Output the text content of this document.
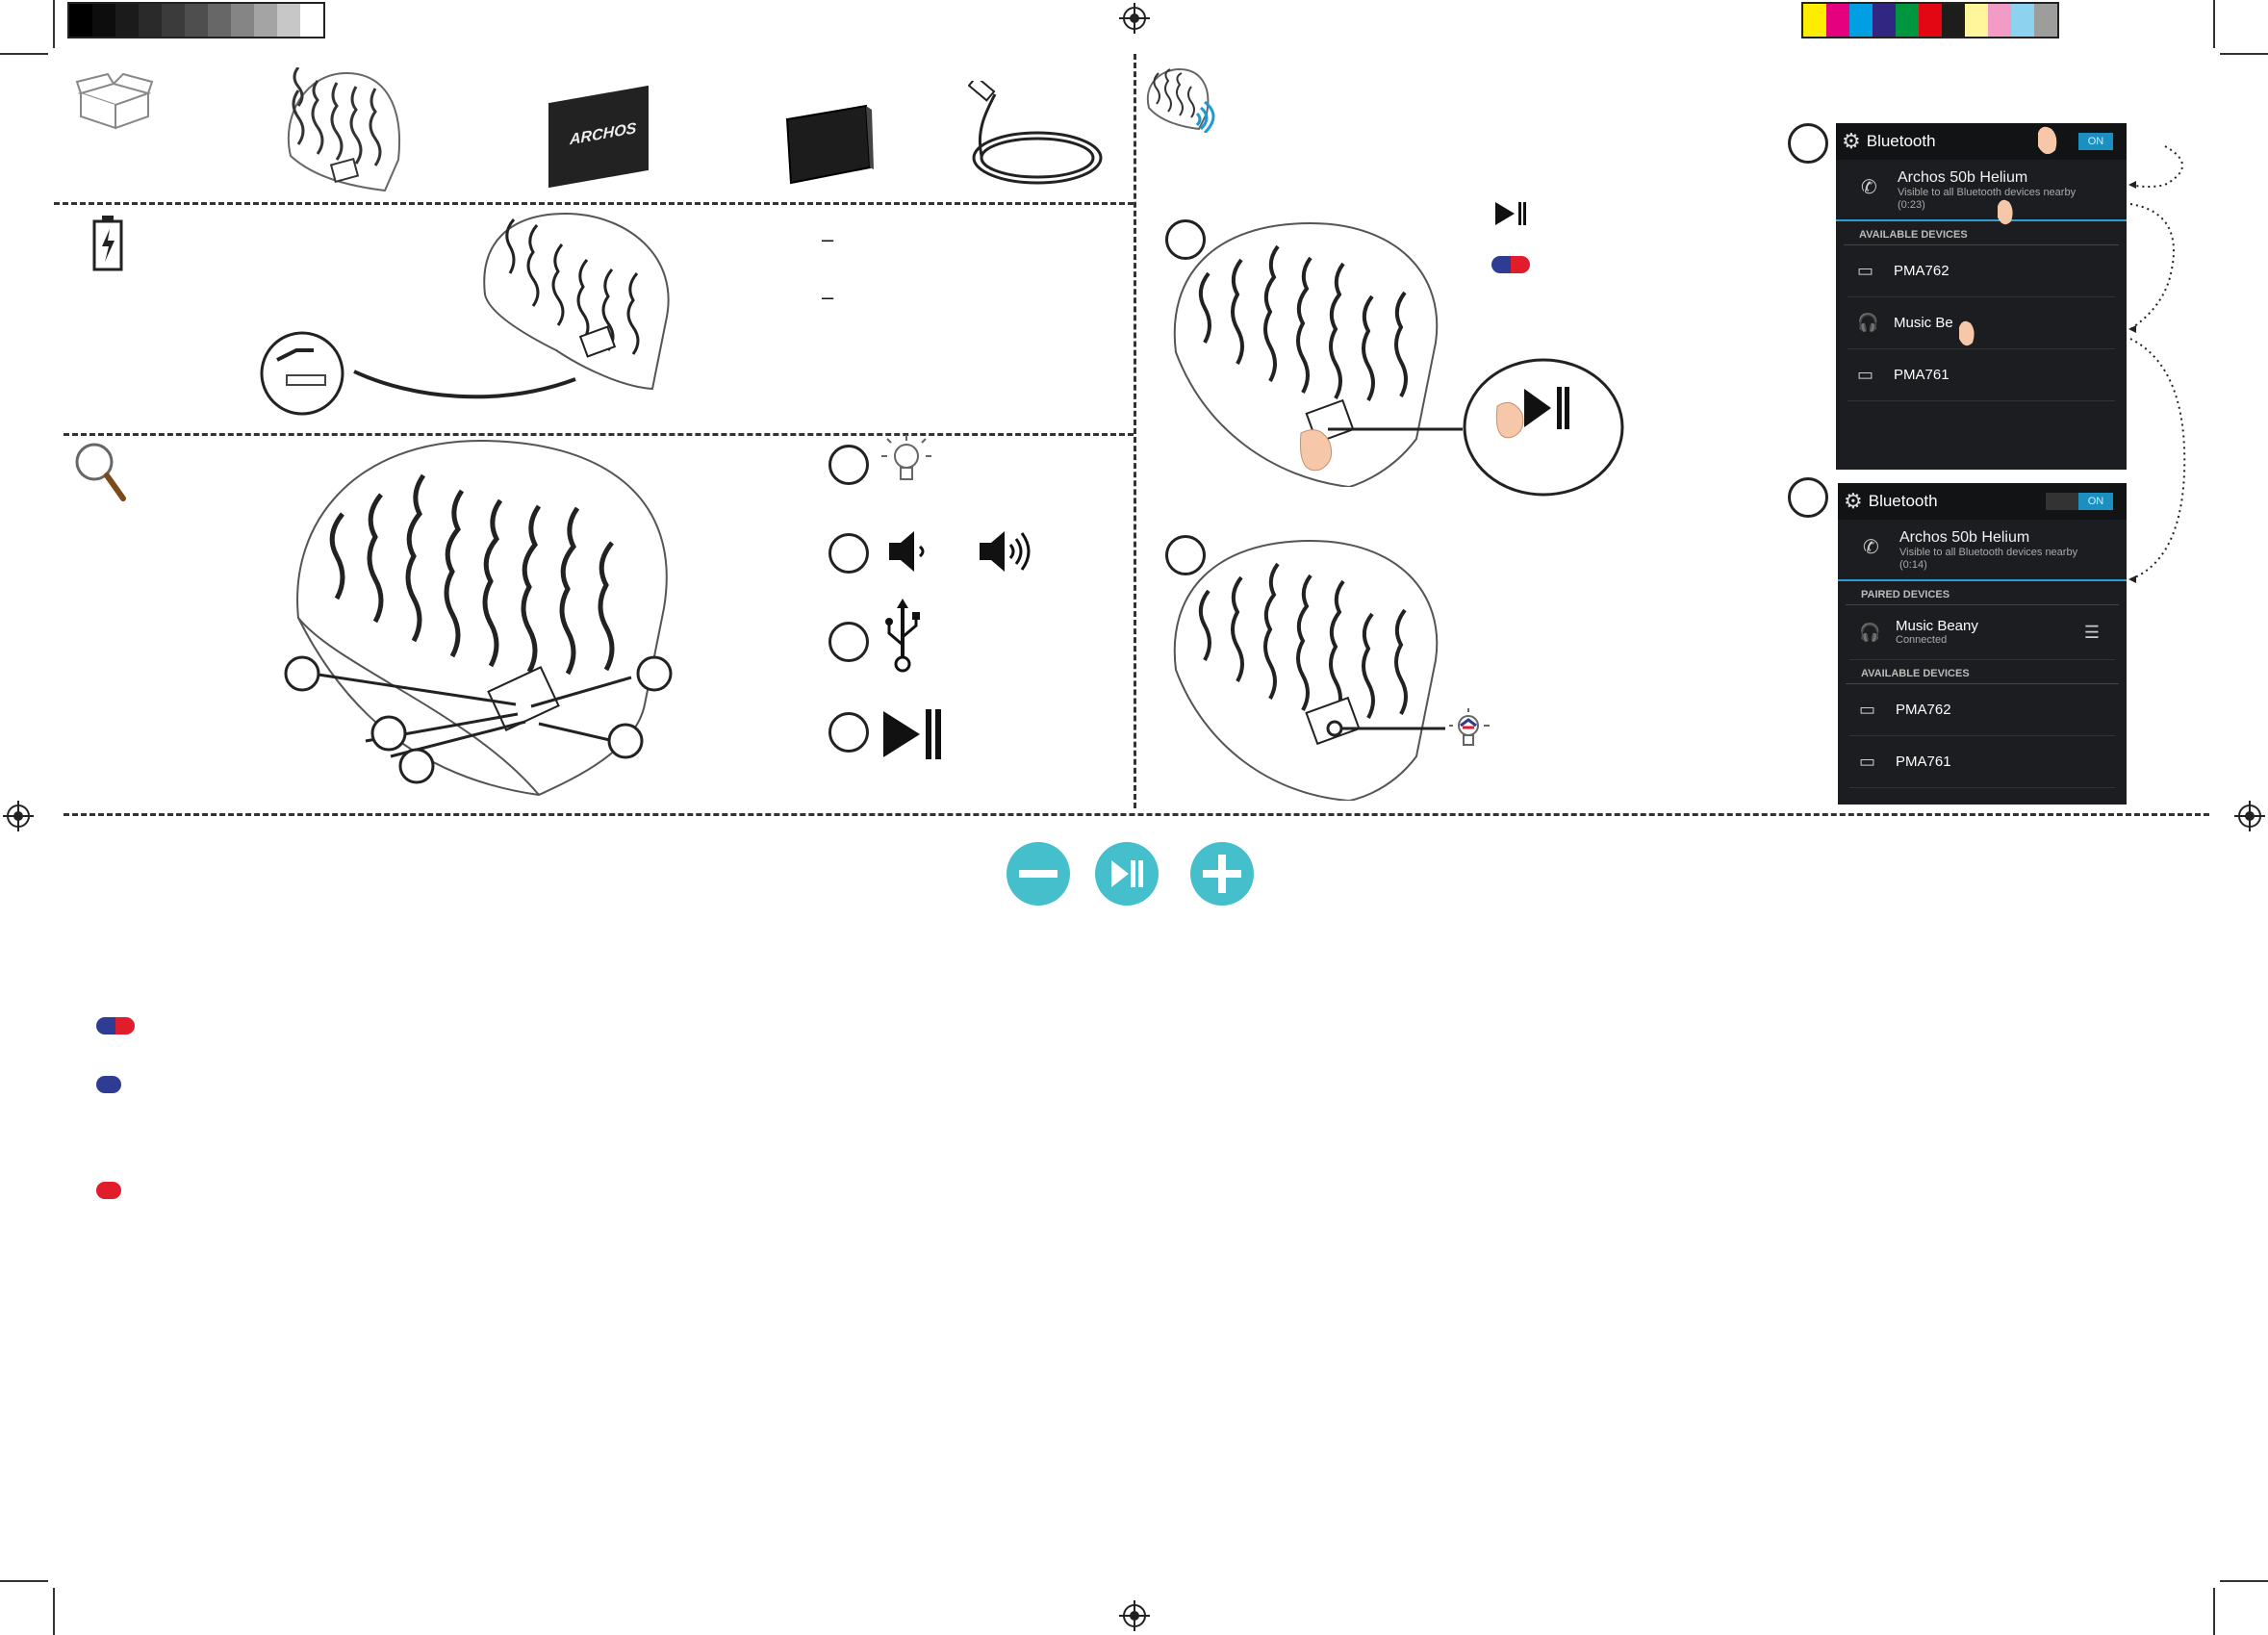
ARCHOS
–
–
⚙ Bluetooth	ON
✆	Archos 50b Helium
Visible to all Bluetooth devices nearby
(0:23)
AVAILABLE DEVICES
▭	PMA762
🎧	Music Be
▭	PMA761
⚙ Bluetooth	ON
✆	Archos 50b Helium
Visible to all Bluetooth devices nearby
(0:14)
PAIRED DEVICES
🎧	Music Beany
Connected	☰
AVAILABLE DEVICES
▭	PMA762
▭	PMA761
